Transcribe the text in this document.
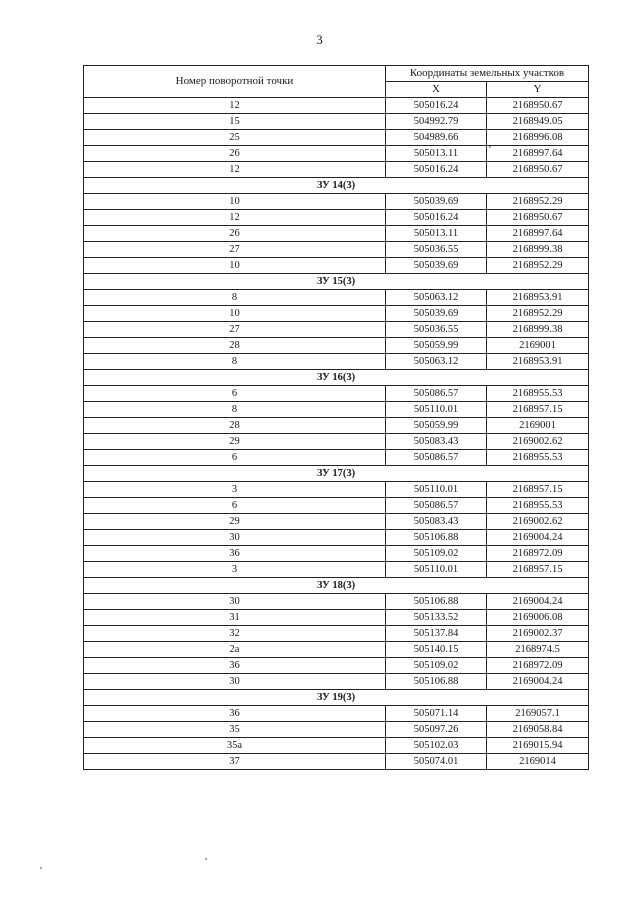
3
Номер поворотной точки	Координаты земельных участков	
	X	Y
12	505016.24	2168950.67
15	504992.79	2168949.05
25	504989.66	2168996.08
26	505013.11	2168997.64
12	505016.24	2168950.67
ЗУ 14(3)		
10	505039.69	2168952.29
12	505016.24	2168950.67
26	505013.11	2168997.64
27	505036.55	2168999.38
10	505039.69	2168952.29
ЗУ 15(3)		
8	505063.12	2168953.91
10	505039.69	2168952.29
27	505036.55	2168999.38
28	505059.99	2169001
8	505063.12	2168953.91
ЗУ 16(3)		
6	505086.57	2168955.53
8	505110.01	2168957.15
28	505059.99	2169001
29	505083.43	2169002.62
6	505086.57	2168955.53
ЗУ 17(3)		
3	505110.01	2168957.15
6	505086.57	2168955.53
29	505083.43	2169002.62
30	505106.88	2169004.24
36	505109.02	2168972.09
3	505110.01	2168957.15
ЗУ 18(3)		
30	505106.88	2169004.24
31	505133.52	2169006.08
32	505137.84	2169002.37
2a	505140.15	2168974.5
36	505109.02	2168972.09
30	505106.88	2169004.24
ЗУ 19(3)		
36	505071.14	2169057.1
35	505097.26	2169058.84
35a	505102.03	2169015.94
37	505074.01	2169014
